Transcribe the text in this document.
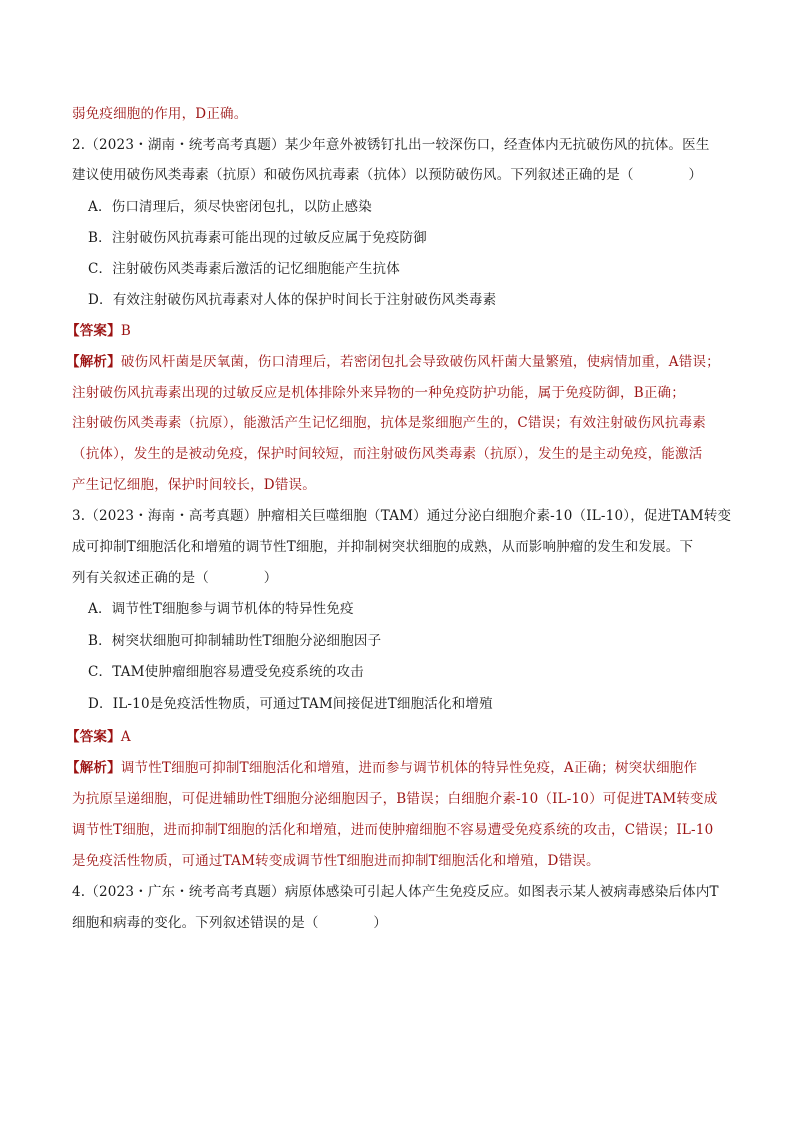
弱免疫细胞的作用，D正确。
2.（2023・湖南・统考高考真题）某少年意外被锈钉扎出一较深伤口，经查体内无抗破伤风的抗体。医生
建议使用破伤风类毒素（抗原）和破伤风抗毒素（抗体）以预防破伤风。下列叙述正确的是（　　　　）
A．伤口清理后，须尽快密闭包扎，以防止感染
B．注射破伤风抗毒素可能出现的过敏反应属于免疫防御
C．注射破伤风类毒素后激活的记忆细胞能产生抗体
D．有效注射破伤风抗毒素对人体的保护时间长于注射破伤风类毒素
【答案】B
【解析】破伤风杆菌是厌氧菌，伤口清理后，若密闭包扎会导致破伤风杆菌大量繁殖，使病情加重，A错误；
注射破伤风抗毒素出现的过敏反应是机体排除外来异物的一种免疫防护功能，属于免疫防御，B正确；
注射破伤风类毒素（抗原），能激活产生记忆细胞，抗体是浆细胞产生的，C错误；有效注射破伤风抗毒素
（抗体），发生的是被动免疫，保护时间较短，而注射破伤风类毒素（抗原），发生的是主动免疫，能激活
产生记忆细胞，保护时间较长，D错误。
3.（2023・海南・高考真题）肿瘤相关巨噬细胞（TAM）通过分泌白细胞介素-10（IL-10），促进TAM转变
成可抑制T细胞活化和增殖的调节性T细胞，并抑制树突状细胞的成熟，从而影响肿瘤的发生和发展。下
列有关叙述正确的是（　　　　）
A．调节性T细胞参与调节机体的特异性免疫
B．树突状细胞可抑制辅助性T细胞分泌细胞因子
C．TAM使肿瘤细胞容易遭受免疫系统的攻击
D．IL-10是免疫活性物质，可通过TAM间接促进T细胞活化和增殖
【答案】A
【解析】调节性T细胞可抑制T细胞活化和增殖，进而参与调节机体的特异性免疫，A正确；树突状细胞作
为抗原呈递细胞，可促进辅助性T细胞分泌细胞因子，B错误；白细胞介素-10（IL-10）可促进TAM转变成
调节性T细胞，进而抑制T细胞的活化和增殖，进而使肿瘤细胞不容易遭受免疫系统的攻击，C错误；IL-10
是免疫活性物质，可通过TAM转变成调节性T细胞进而抑制T细胞活化和增殖，D错误。
4.（2023・广东・统考高考真题）病原体感染可引起人体产生免疫反应。如图表示某人被病毒感染后体内T
细胞和病毒的变化。下列叙述错误的是（　　　　）
